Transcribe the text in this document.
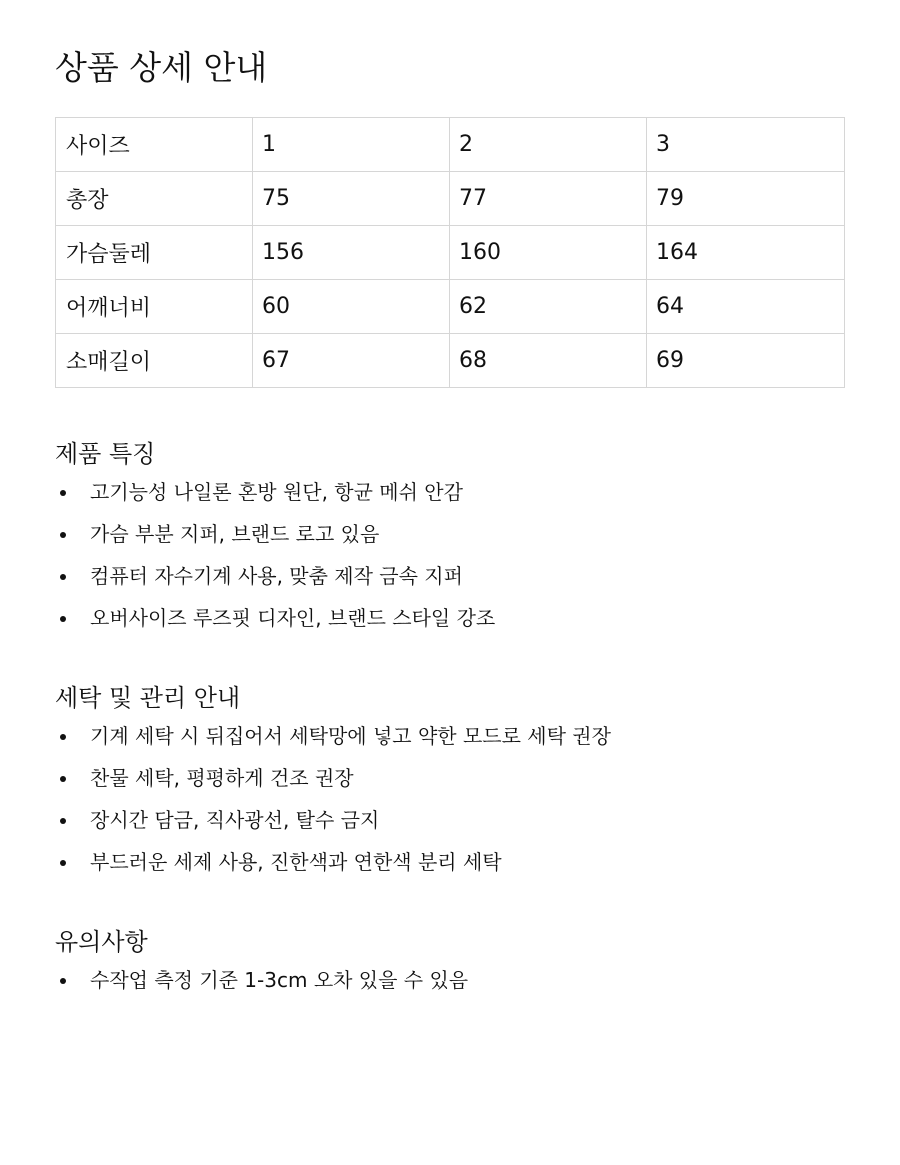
상품 상세 안내
사이즈	1	2	3
총장	75	77	79
가슴둘레	156	160	164
어깨너비	60	62	64
소매길이	67	68	69
제품 특징
고기능성 나일론 혼방 원단, 항균 메쉬 안감
가슴 부분 지퍼, 브랜드 로고 있음
컴퓨터 자수기계 사용, 맞춤 제작 금속 지퍼
오버사이즈 루즈핏 디자인, 브랜드 스타일 강조
세탁 및 관리 안내
기계 세탁 시 뒤집어서 세탁망에 넣고 약한 모드로 세탁 권장
찬물 세탁, 평평하게 건조 권장
장시간 담금, 직사광선, 탈수 금지
부드러운 세제 사용, 진한색과 연한색 분리 세탁
유의사항
수작업 측정 기준 1-3cm 오차 있을 수 있음
